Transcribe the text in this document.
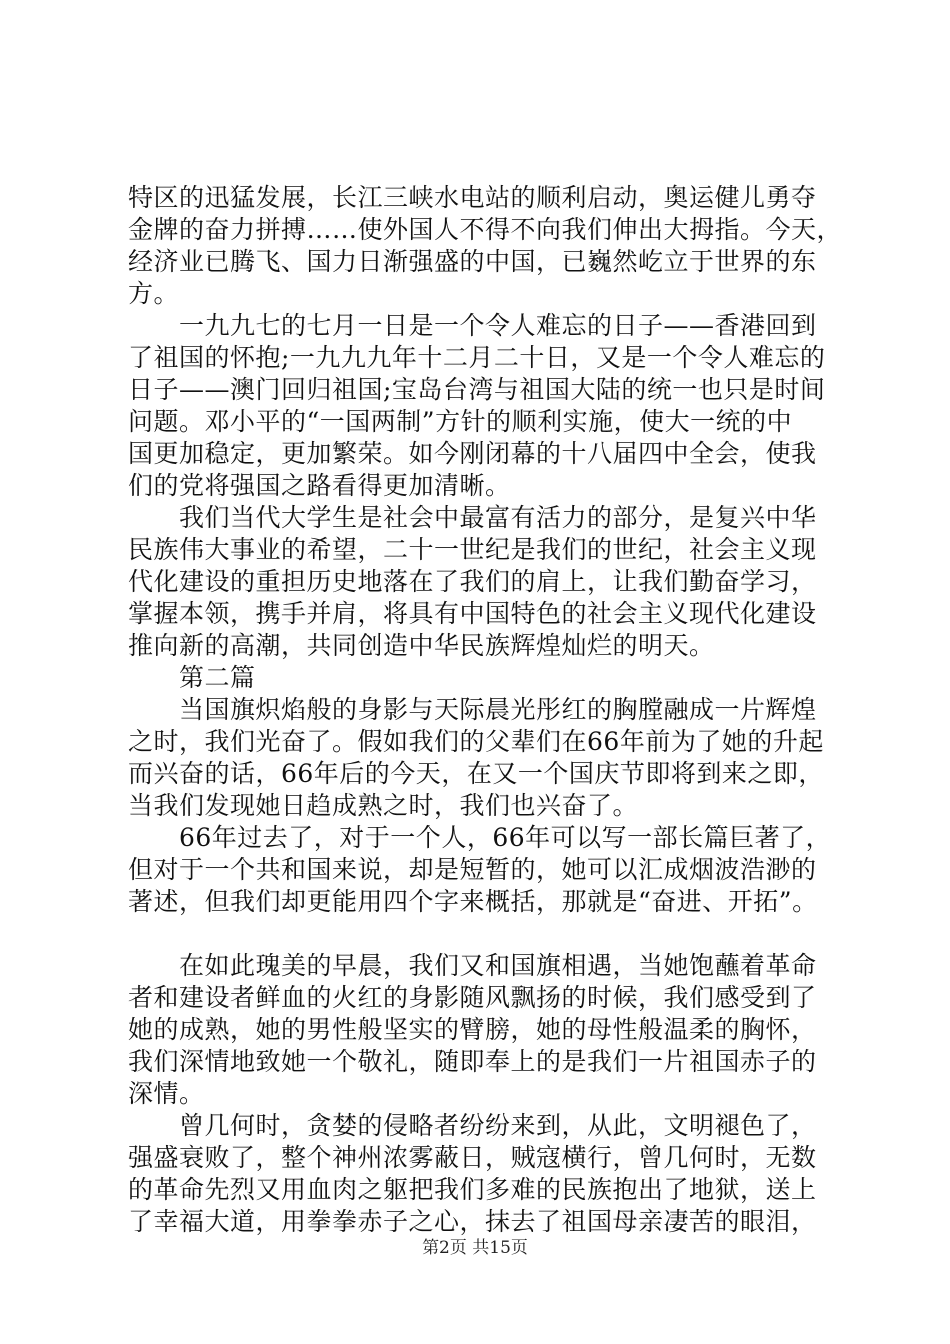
特区的迅猛发展，长江三峡水电站的顺利启动，奥运健儿勇夺
金牌的奋力拼搏……使外国人不得不向我们伸出大拇指。今天，
经济业已腾飞、国力日渐强盛的中国，已巍然屹立于世界的东
方。
　　一九九七的七月一日是一个令人难忘的日子——香港回到
了祖国的怀抱;一九九九年十二月二十日，又是一个令人难忘的
日子——澳门回归祖国;宝岛台湾与祖国大陆的统一也只是时间
问题。邓小平的“一国两制”方针的顺利实施，使大一统的中
国更加稳定，更加繁荣。如今刚闭幕的十八届四中全会，使我
们的党将强国之路看得更加清晰。
　　我们当代大学生是社会中最富有活力的部分，是复兴中华
民族伟大事业的希望，二十一世纪是我们的世纪，社会主义现
代化建设的重担历史地落在了我们的肩上，让我们勤奋学习，
掌握本领，携手并肩，将具有中国特色的社会主义现代化建设
推向新的高潮，共同创造中华民族辉煌灿烂的明天。
　　第二篇
　　当国旗炽焰般的身影与天际晨光彤红的胸膛融成一片辉煌
之时，我们光奋了。假如我们的父辈们在66年前为了她的升起
而兴奋的话，66年后的今天，在又一个国庆节即将到来之即，
当我们发现她日趋成熟之时，我们也兴奋了。
　　66年过去了，对于一个人，66年可以写一部长篇巨著了，
但对于一个共和国来说，却是短暂的，她可以汇成烟波浩渺的
著述，但我们却更能用四个字来概括，那就是“奋进、开拓”。
　　在如此瑰美的早晨，我们又和国旗相遇，当她饱蘸着革命
者和建设者鲜血的火红的身影随风飘扬的时候，我们感受到了
她的成熟，她的男性般坚实的臂膀，她的母性般温柔的胸怀，
我们深情地致她一个敬礼，随即奉上的是我们一片祖国赤子的
深情。
　　曾几何时，贪婪的侵略者纷纷来到，从此，文明褪色了，
强盛衰败了，整个神州浓雾蔽日，贼寇横行，曾几何时，无数
的革命先烈又用血肉之躯把我们多难的民族抱出了地狱，送上
了幸福大道，用拳拳赤子之心，抹去了祖国母亲凄苦的眼泪，
第2页 共15页
